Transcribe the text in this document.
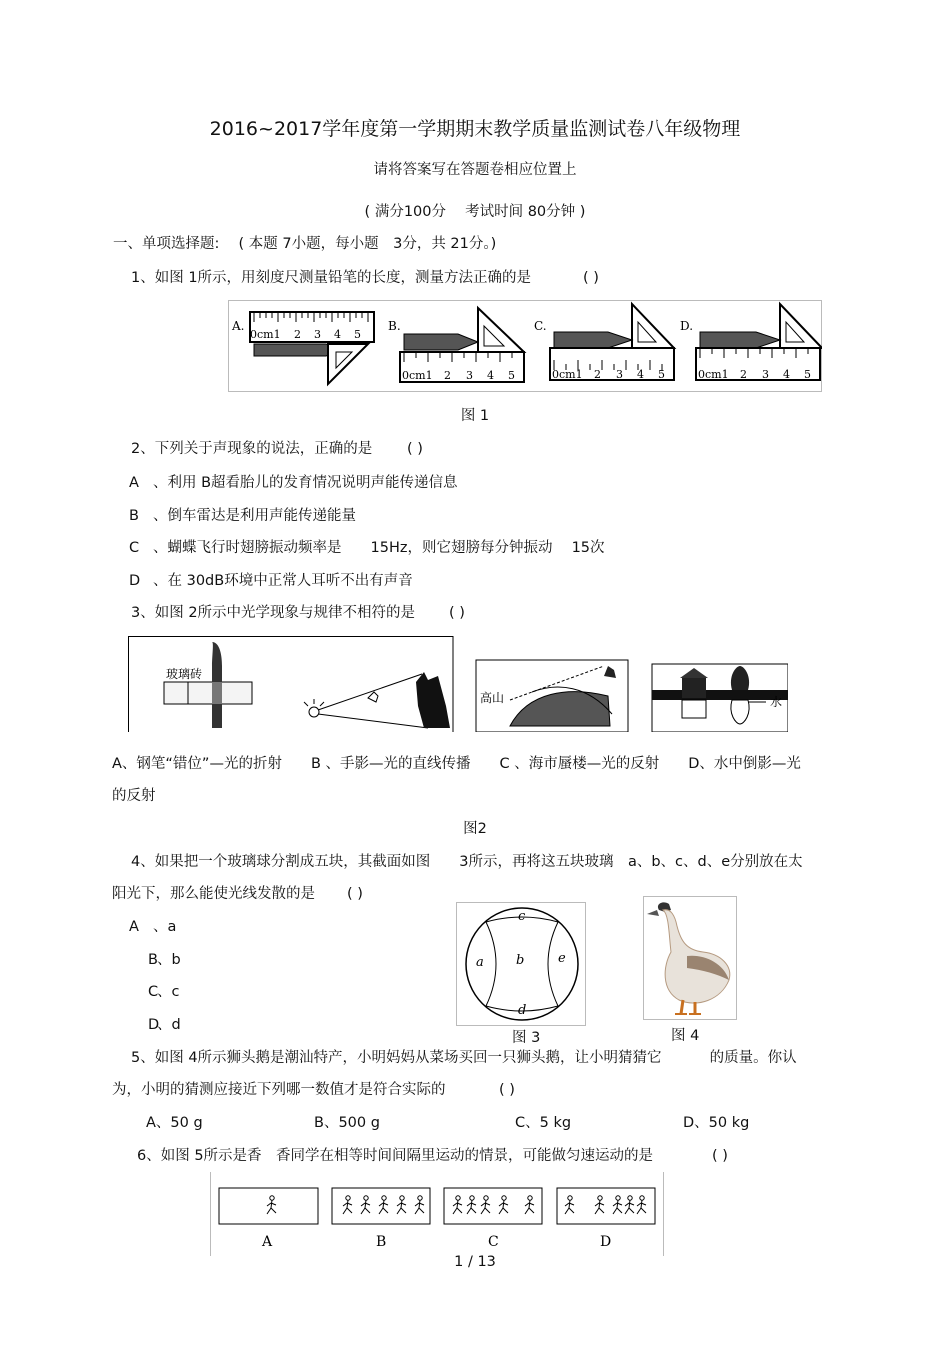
2016~2017学年度第一学期期末教学质量监测试卷八年级物理
请将答案写在答题卷相应位置上
( 满分100分　 考试时间 80分钟 )
一、单项选择题:　 ( 本题 7小题，每小题　3分，共 21分。)
1、如图 1所示，用刻度尺测量铅笔的长度，测量方法正确的是	( )
A.
0cm1 2 3 4 5
B.
0cm1 2 3 4 5
C.
0cm1 2 3 4 5
D.
0cm1 2 3 4 5
图 1
2、下列关于声现象的说法，正确的是 ( )
A 、利用 B超看胎儿的发育情况说明声能传递信息
B 、倒车雷达是利用声能传递能量
C 、蝴蝶飞行时翅膀振动频率是　　15Hz，则它翅膀每分钟振动　 15次
D 、在 30dB环境中正常人耳听不出有声音
3、如图 2所示中光学现象与规律不相符的是 ( )
玻璃砖
高山	水
A、钢笔“错位”—光的折射　　B 、手影—光的直线传播　　C 、海市蜃楼—光的反射　　D、水中倒影—光
的反射
图2
4、如果把一个玻璃球分割成五块，其截面如图　　3所示，再将这五块玻璃　a、b、c、d、e分别放在太
阳光下，那么能使光线发散的是 ( )
A 、a
B 、b
C
、c
D
、d
a b
c
d
e
图 3	图 4
5、如图 4所示狮头鹅是潮汕特产，小明妈妈从菜场买回一只狮头鹅，让小明猜猜它　　　 的质量。你认
为，小明的猜测应接近下列哪一数值才是符合实际的	( )
A、50 g	B、500 g	C、5 kg	D、50 kg
6、如图 5所示是香　香同学在相等时间间隔里运动的情景，可能做匀速运动的是	( )
A	B	C	D
1 / 13
